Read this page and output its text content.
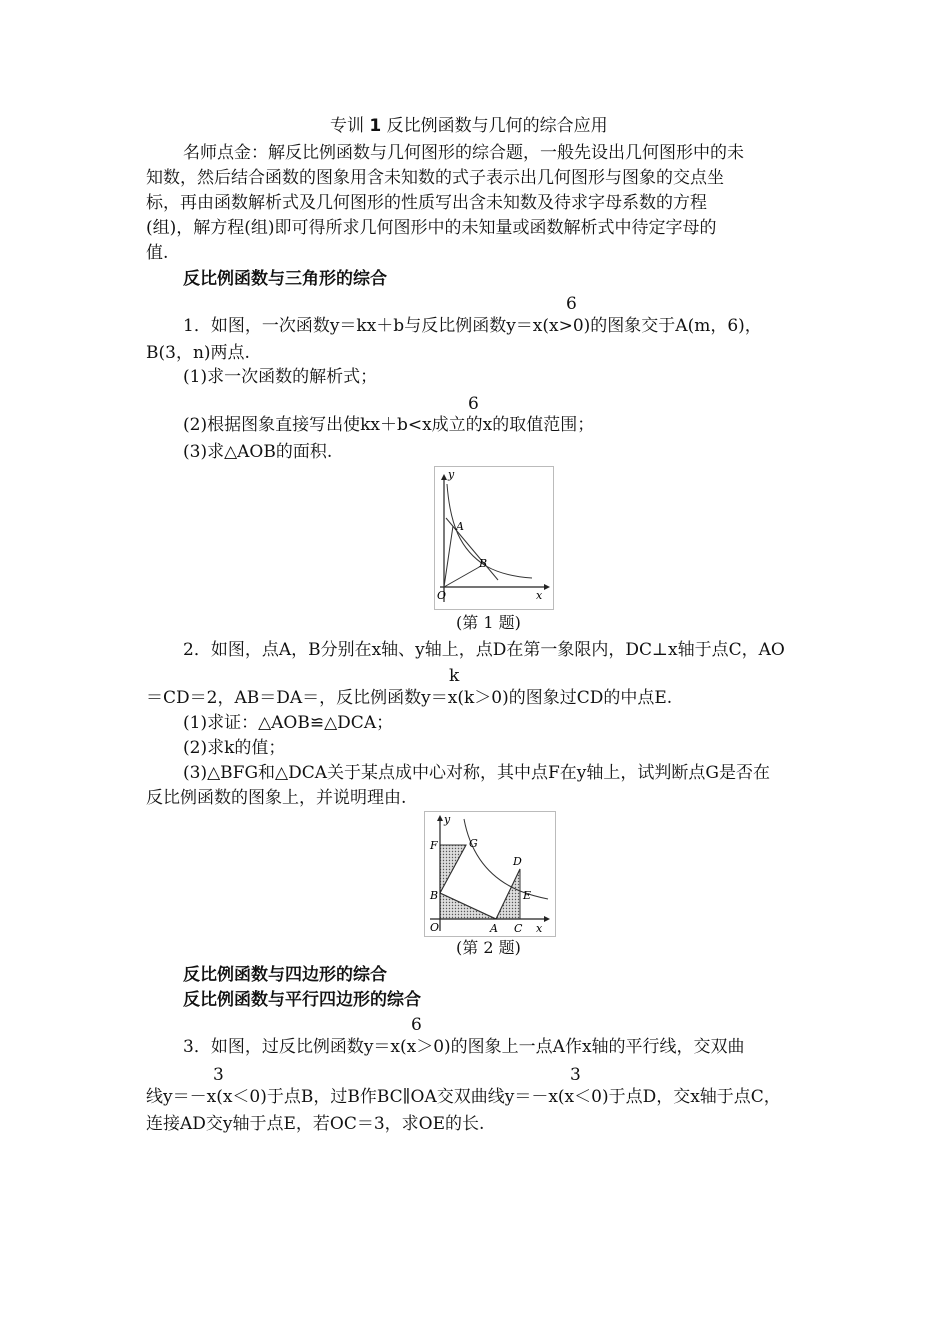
专训 1 反比例函数与几何的综合应用
名师点金：解反比例函数与几何图形的综合题，一般先设出几何图形中的未
知数，然后结合函数的图象用含未知数的式子表示出几何图形与图象的交点坐
标，再由函数解析式及几何图形的性质写出含未知数及待求字母系数的方程
(组)，解方程(组)即可得所求几何图形中的未知量或函数解析式中待定字母的
值.
反比例函数与三角形的综合
6
1．如图，一次函数y＝kx＋b与反比例函数y＝x(x>0)的图象交于A(m，6)，
B(3，n)两点.
(1)求一次函数的解析式；
6
(2)根据图象直接写出使kx＋b<x成立的x的取值范围；
(3)求△AOB的面积.
A
B
O	x
y
(第 1 题)
2．如图，点A，B分别在x轴、y轴上，点D在第一象限内，DC⊥x轴于点C，AO
k
＝CD＝2，AB＝DA＝，反比例函数y＝x(k＞0)的图象过CD的中点E.
(1)求证：△AOB≌△DCA；
(2)求k的值；
(3)△BFG和△DCA关于某点成中心对称，其中点F在y轴上，试判断点G是否在
反比例函数的图象上，并说明理由.
F	G
B
D
E
O	A C x
y
(第 2 题)
反比例函数与四边形的综合
反比例函数与平行四边形的综合
6
3．如图，过反比例函数y＝x(x＞0)的图象上一点A作x轴的平行线，交双曲
3	3
线y＝－x(x＜0)于点B，过B作BC∥OA交双曲线y＝－x(x＜0)于点D，交x轴于点C，
连接AD交y轴于点E，若OC＝3，求OE的长.
